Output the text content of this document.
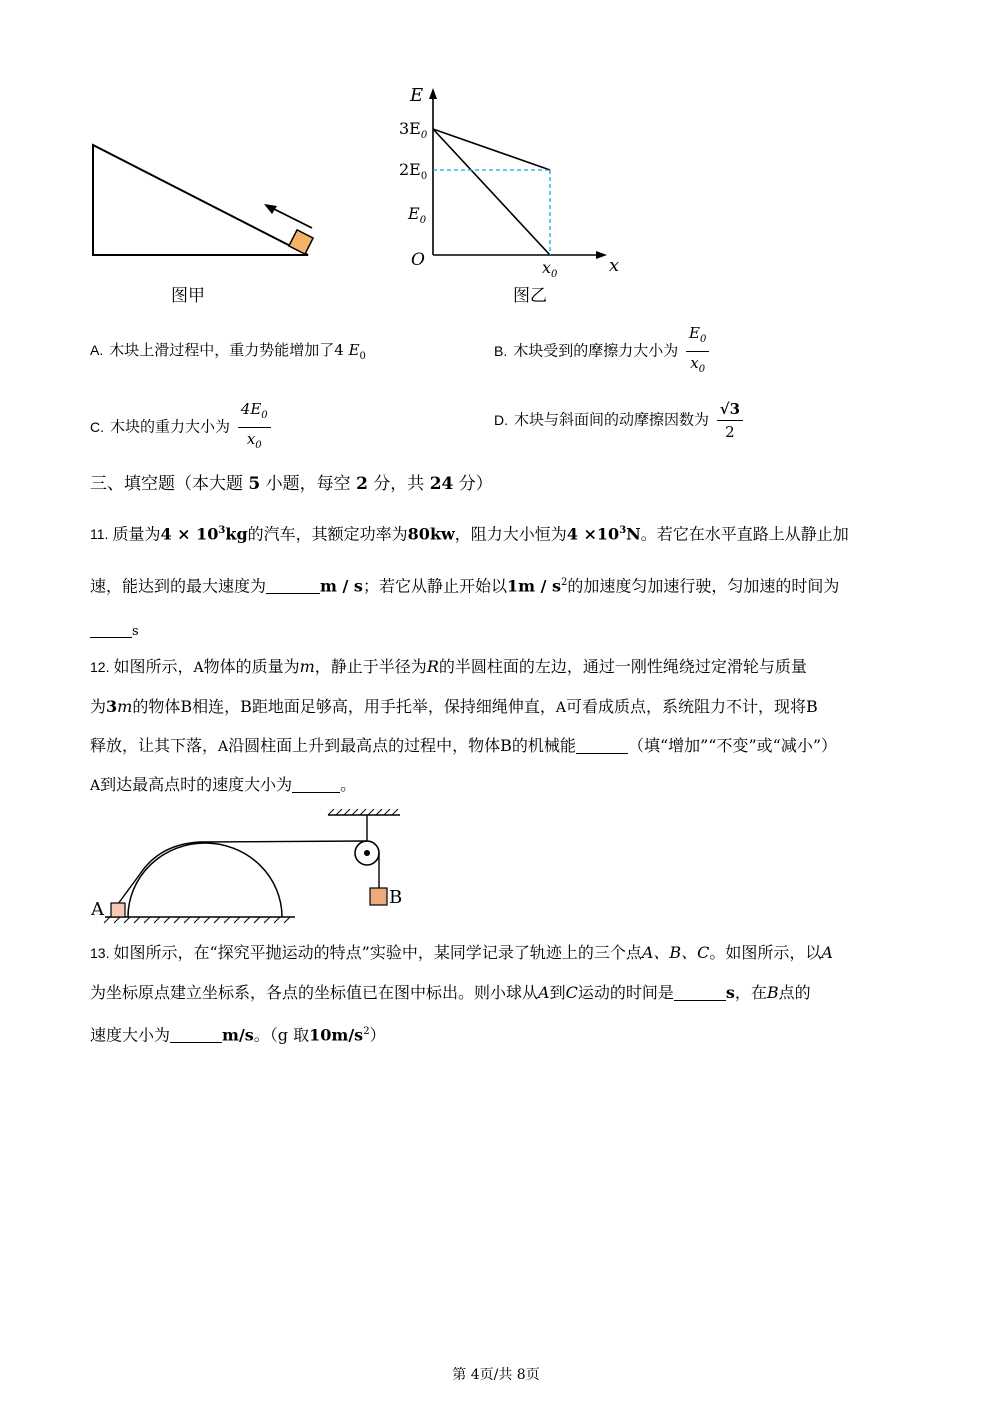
图甲
E
$3E_0$
$2E_0$
$E_0$
O	$x_0$	x
图乙
A. 木块上滑过程中，重力势能增加了4 $E_0$	B. 木块受到的摩擦力大小为 $\frac{E_0}{x_0}$
C. 木块的重力大小为 $\frac{4E_0}{x_0}$	D. 木块与斜面间的动摩擦因数为 $\frac{√3}{2}$
三、填空题（本大题 5 小题，每空 2 分，共 24 分）
11. 质量为$4 \times 10^3kg$的汽车，其额定功率为80kw，阻力大小恒为$4 \times 10^3N$。若它在水平直路上从静止加
速，能达到的最大速度为	m / s；若它从静止开始以$1m / s^2$的加速度匀加速行驶，匀加速的时间为
s
12. 如图所示，A物体的质量为m，静止于半径为R的半圆柱面的左边，通过一刚性绳绕过定滑轮与质量
为3m的物体B相连，B距地面足够高，用手托举，保持细绳伸直，A可看成质点，系统阻力不计，现将B
释放，让其下落，A沿圆柱面上升到最高点的过程中，物体B的机械能	（填“增加”“不变”或“减小”）
A到达最高点时的速度大小为	。
A
B
13. 如图所示，在“探究平抛运动的特点”实验中，某同学记录了轨迹上的三个点A、B、C。如图所示，以A
为坐标原点建立坐标系，各点的坐标值已在图中标出。则小球从A到C运动的时间是	s，在B点的
速度大小为	m/s。（g 取$10m/s^2$）
第 4页/共 8页
